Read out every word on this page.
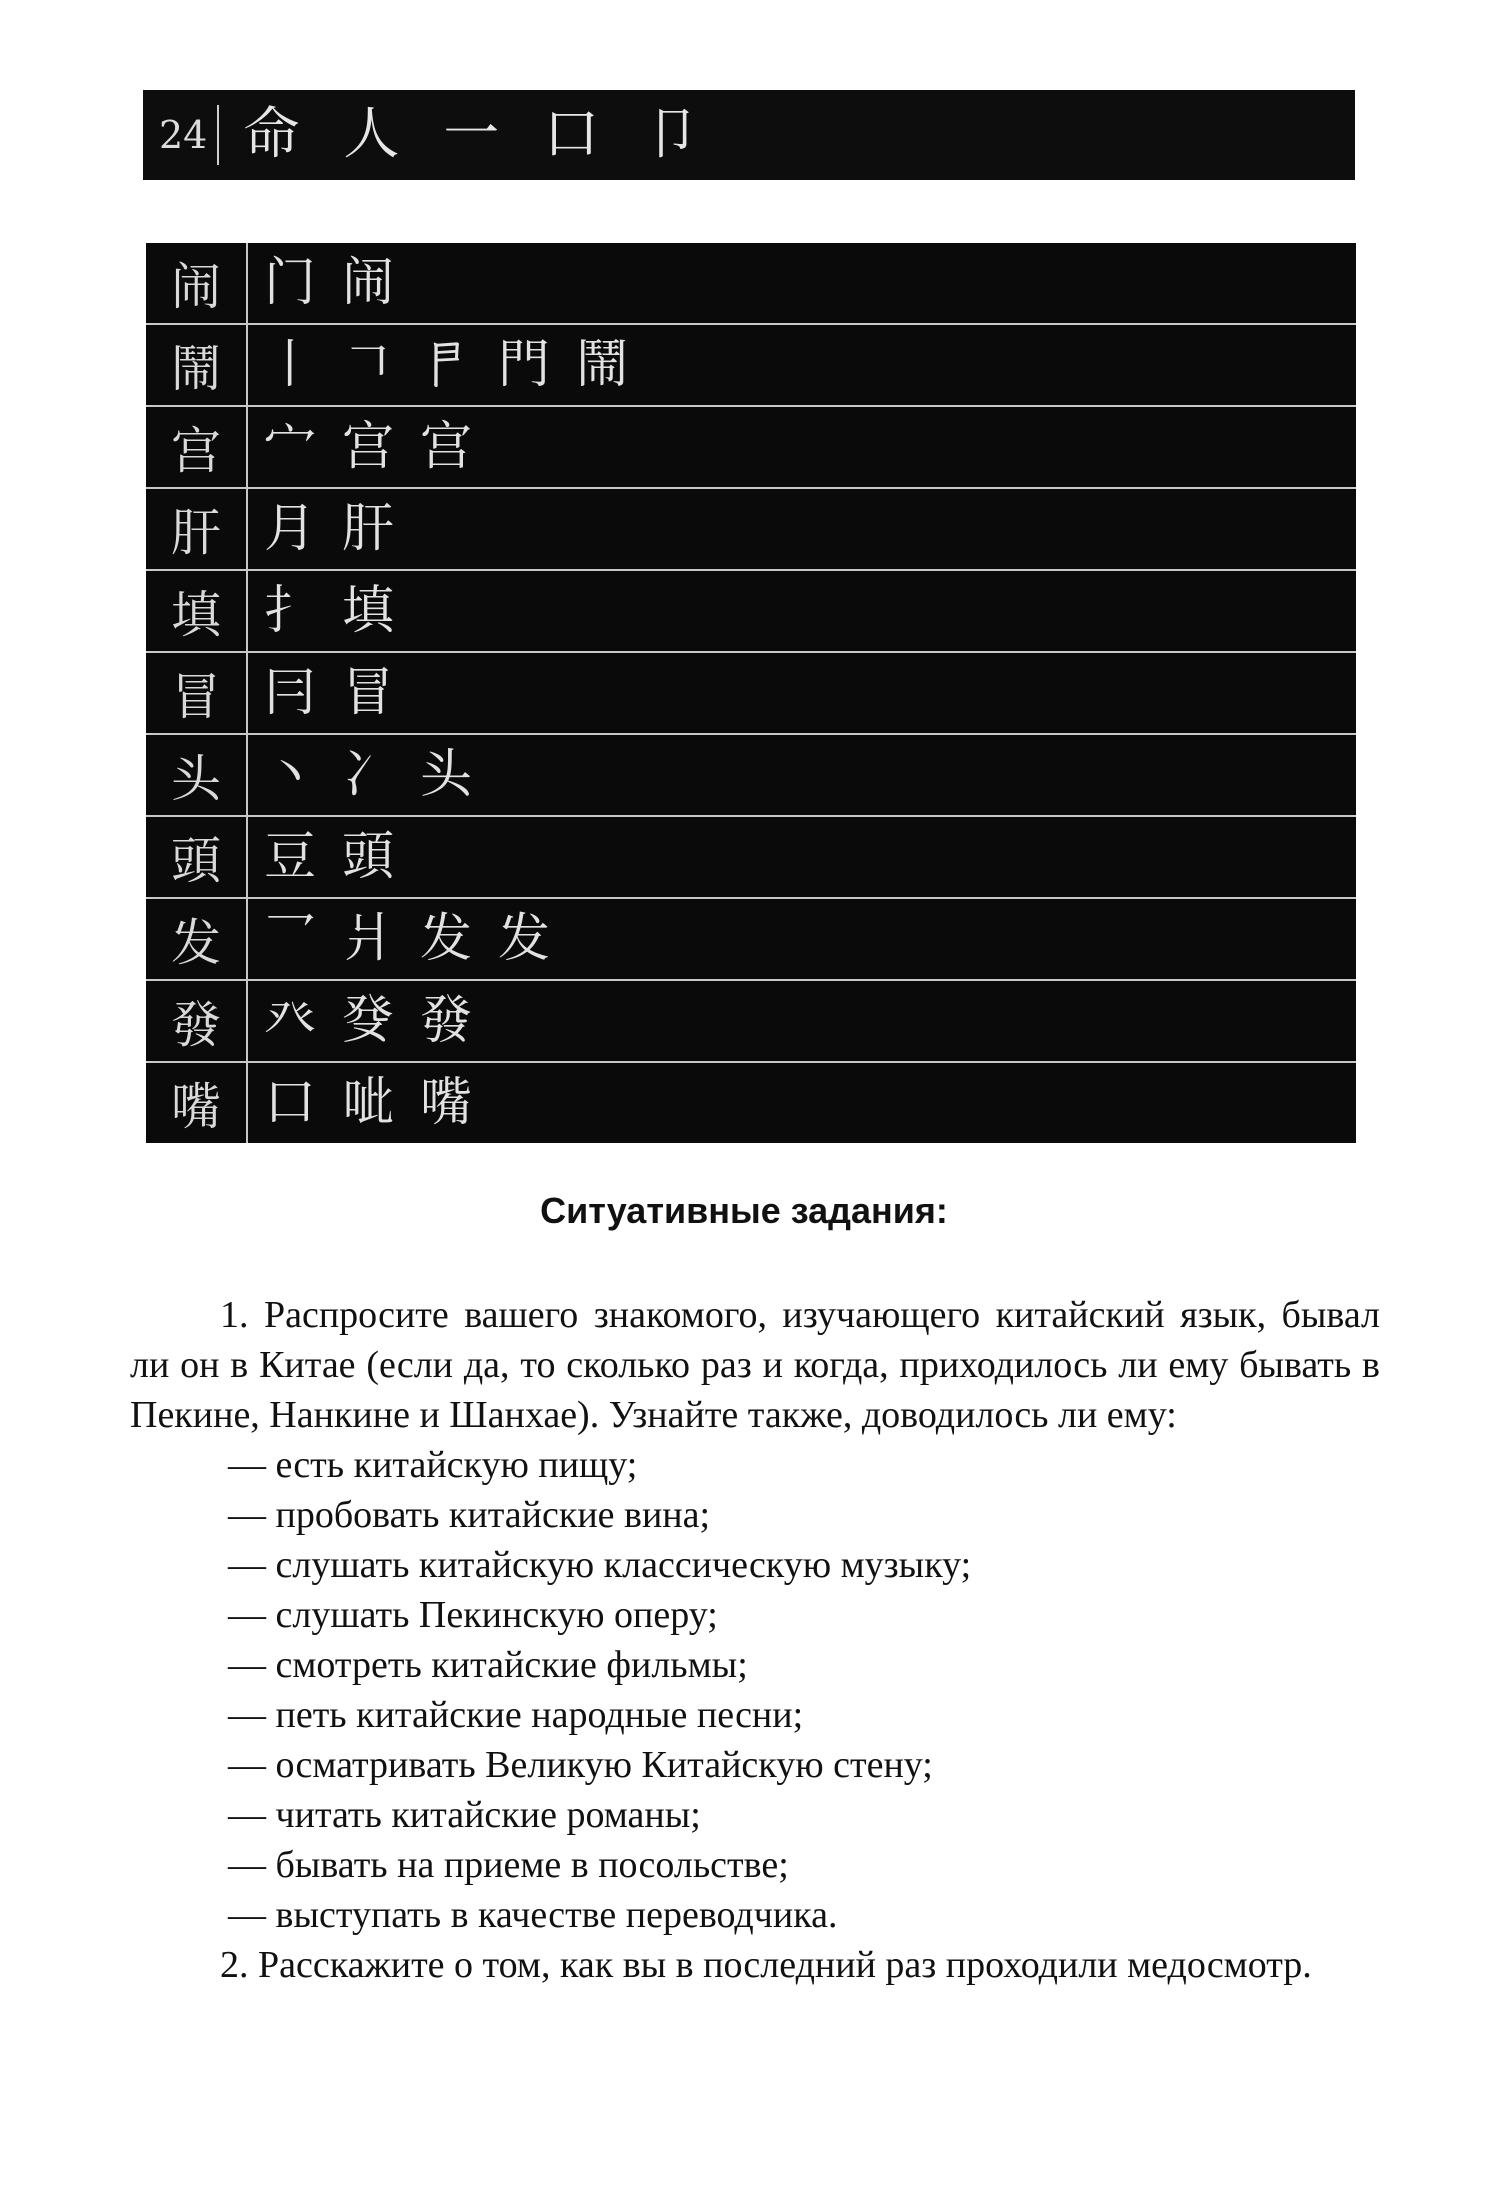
24 命 人 一 口 卩
闹 门 闹
鬧 丨 𠃍 𠁣 門 鬧
宫 宀 宫 宫
肝 月 肝
填 扌 填
冒 冃 冒
头 丶 冫 头
頭 豆 頭
发 乛 爿 发 发
發 癶 癹 發
嘴 口 呲 嘴
Ситуативные задания:

1. Распросите вашего знакомого, изучающего китайский язык, бывал ли он в Китае (если да, то сколько раз и когда, приходилось ли ему бывать в Пекине, Нанкине и Шанхае). Узнайте также, доводилось ли ему:

— есть китайскую пищу;
— пробовать китайские вина;
— слушать китайскую классическую музыку;
— слушать Пекинскую оперу;
— смотреть китайские фильмы;
— петь китайские народные песни;
— осматривать Великую Китайскую стену;
— читать китайские романы;
— бывать на приеме в посольстве;
— выступать в качестве переводчика.

2. Расскажите о том, как вы в последний раз проходили медосмотр.
